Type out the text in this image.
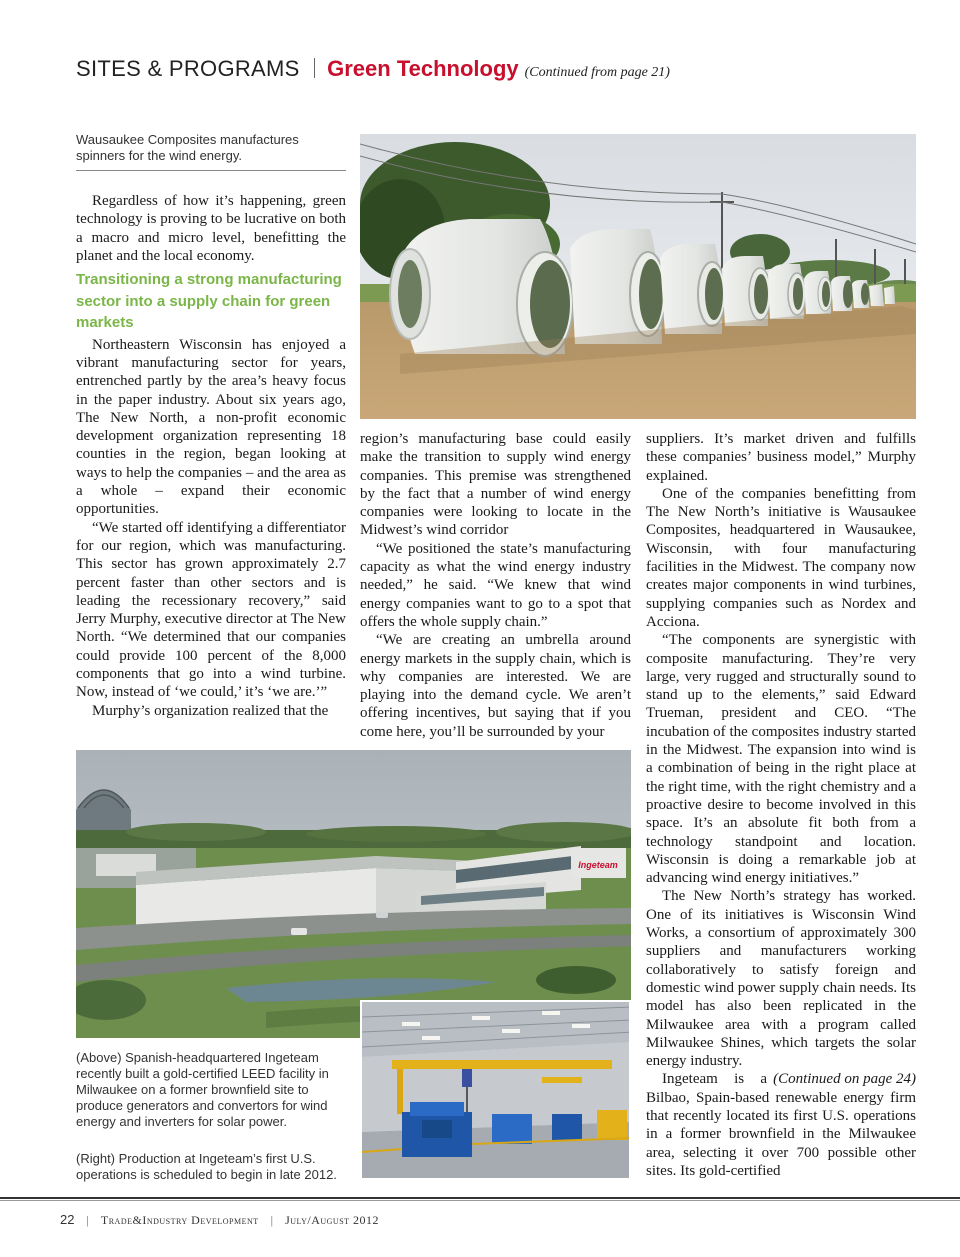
SITES & PROGRAMS Green Technology (Continued from page 21)
Wausaukee Composites manufactures spinners for the wind energy.

Regardless of how it’s happening, green technology is proving to be lucrative on both a macro and micro level, benefitting the planet and the local economy.

Transitioning a strong manufacturing sector into a supply chain for green markets

Northeastern Wisconsin has enjoyed a vibrant manufacturing sector for years, entrenched partly by the area’s heavy focus in the paper industry. About six years ago, The New North, a non-profit economic development organization representing 18 counties in the region, began looking at ways to help the companies – and the area as a whole – expand their economic opportunities.

“We started off identifying a differentiator for our region, which was manufacturing. This sector has grown approximately 2.7 percent faster than other sectors and is leading the recessionary recovery,” said Jerry Murphy, executive director at The New North. “We determined that our companies could provide 100 percent of the 8,000 components that go into a wind turbine. Now, instead of ‘we could,’ it’s ‘we are.’”

Murphy’s organization realized that the

region’s manufacturing base could easily make the transition to supply wind energy companies. This premise was strengthened by the fact that a number of wind energy companies were looking to locate in the Midwest’s wind corridor

“We positioned the state’s manufacturing capacity as what the wind energy industry needed,” he said. “We knew that wind energy companies want to go to a spot that offers the whole supply chain.”

“We are creating an umbrella around energy markets in the supply chain, which is why companies are interested. We are playing into the demand cycle. We aren’t offering incentives, but saying that if you come here, you’ll be surrounded by your

suppliers. It’s market driven and fulfills these companies’ business model,” Murphy explained.

One of the companies benefitting from The New North’s initiative is Wausaukee Composites, headquartered in Wausaukee, Wisconsin, with four manufacturing facilities in the Midwest. The company now creates major components in wind turbines, supplying companies such as Nordex and Acciona.

“The components are synergistic with composite manufacturing. They’re very large, very rugged and structurally sound to stand up to the elements,” said Edward Trueman, president and CEO. “The incubation of the composites industry started in the Midwest. The expansion into wind is a combination of being in the right place at the right time, with the right chemistry and a proactive desire to become involved in this space. It’s an absolute fit both from a technology standpoint and location. Wisconsin is doing a remarkable job at advancing wind energy initiatives.”

The New North’s strategy has worked. One of its initiatives is Wisconsin Wind Works, a consortium of approximately 300 suppliers and manufacturers working collaboratively to satisfy foreign and domestic wind power supply chain needs. Its model has also been replicated in the Milwaukee area with a program called Milwaukee Shines, which targets the solar energy industry.

(Continued on page 24)
Ingeteam is a Bilbao, Spain-based renewable energy firm that recently located its first U.S. operations in a former brownfield in the Milwaukee area, selecting it over 700 possible other sites. Its gold-certified

Ingeteam
(Above) Spanish-headquartered Ingeteam recently built a gold-certified LEED facility in Milwaukee on a former brownfield site to produce generators and convertors for wind energy and inverters for solar power.
(Right) Production at Ingeteam’s first U.S. operations is scheduled to begin in late 2012.
22 | Trade&Industry Development | July/August 2012
